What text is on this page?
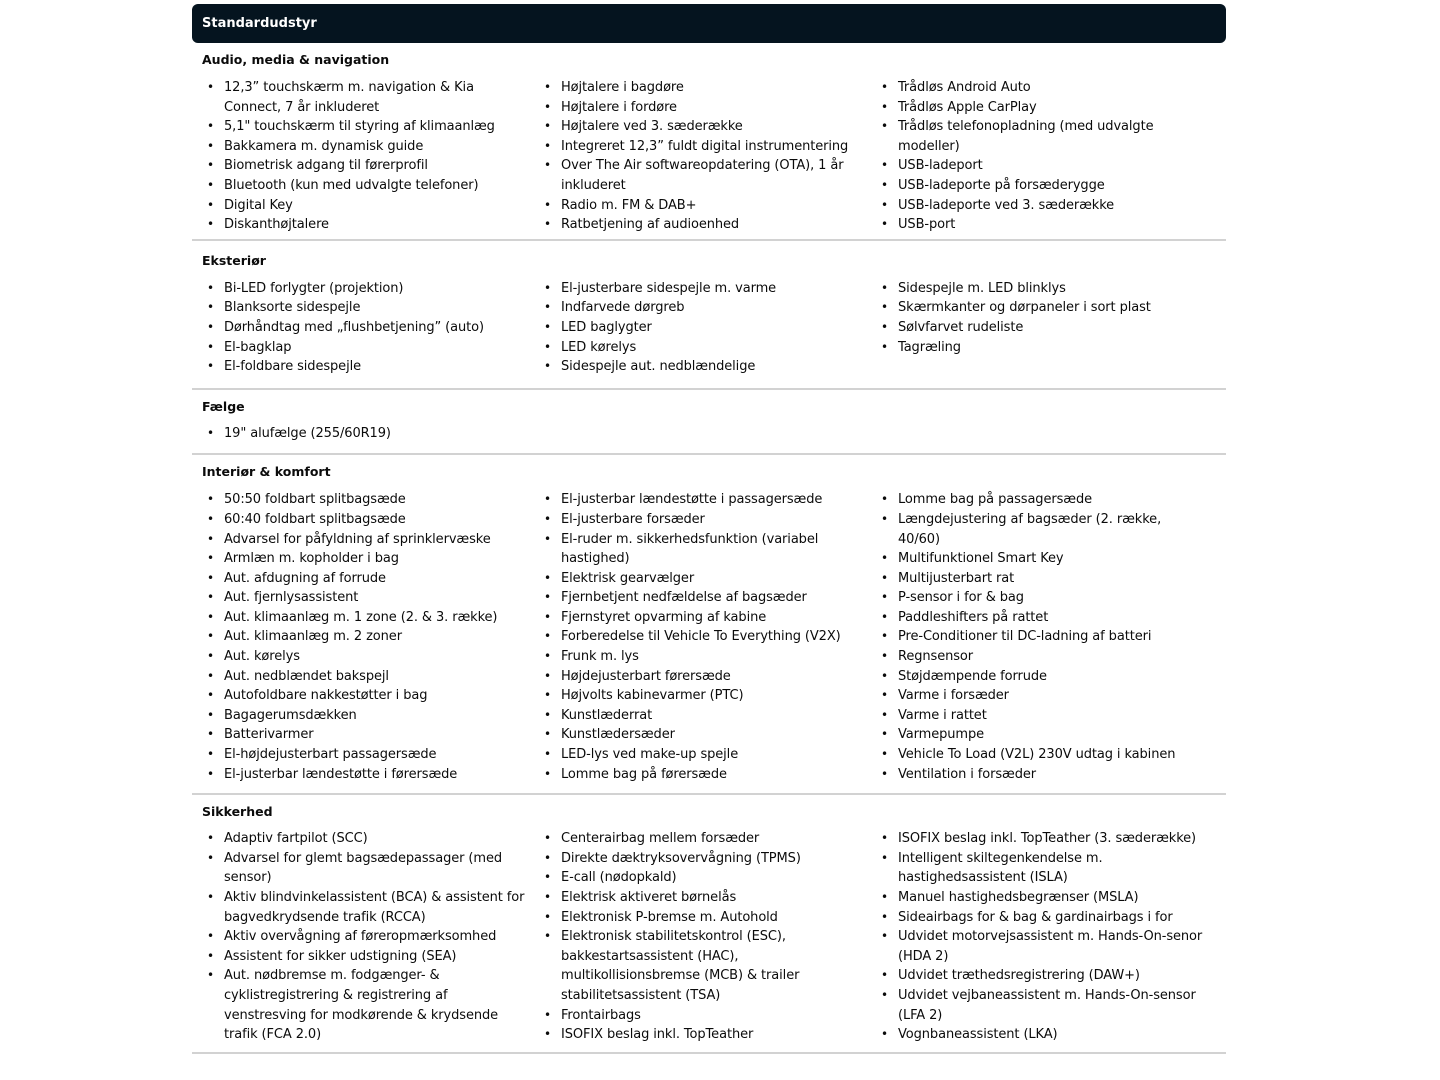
Standardudstyr
Audio, media & navigation
• 12,3” touchskærm m. navigation & Kia Connect, 7 år inkluderet
• 5,1" touchskærm til styring af klimaanlæg
• Bakkamera m. dynamisk guide
• Biometrisk adgang til førerprofil
• Bluetooth (kun med udvalgte telefoner)
• Digital Key
• Diskanthøjtalere
• Højtalere i bagdøre
• Højtalere i fordøre
• Højtalere ved 3. sæderække
• Integreret 12,3” fuldt digital instrumentering
• Over The Air softwareopdatering (OTA), 1 år inkluderet
• Radio m. FM & DAB+
• Ratbetjening af audioenhed
• Trådløs Android Auto
• Trådløs Apple CarPlay
• Trådløs telefonopladning (med udvalgte modeller)
• USB-ladeport
• USB-ladeporte på forsæderygge
• USB-ladeporte ved 3. sæderække
• USB-port
Eksteriør
• Bi-LED forlygter (projektion)
• Blanksorte sidespejle
• Dørhåndtag med „flushbetjening” (auto)
• El-bagklap
• El-foldbare sidespejle
• El-justerbare sidespejle m. varme
• Indfarvede dørgreb
• LED baglygter
• LED kørelys
• Sidespejle aut. nedblændelige
• Sidespejle m. LED blinklys
• Skærmkanter og dørpaneler i sort plast
• Sølvfarvet rudeliste
• Tagræling
Fælge
• 19" alufælge (255/60R19)
Interiør & komfort
• 50:50 foldbart splitbagsæde
• 60:40 foldbart splitbagsæde
• Advarsel for påfyldning af sprinklervæske
• Armlæn m. kopholder i bag
• Aut. afdugning af forrude
• Aut. fjernlysassistent
• Aut. klimaanlæg m. 1 zone (2. & 3. række)
• Aut. klimaanlæg m. 2 zoner
• Aut. kørelys
• Aut. nedblændet bakspejl
• Autofoldbare nakkestøtter i bag
• Bagagerumsdækken
• Batterivarmer
• El-højdejusterbart passagersæde
• El-justerbar lændestøtte i førersæde
• El-justerbar lændestøtte i passagersæde
• El-justerbare forsæder
• El-ruder m. sikkerhedsfunktion (variabel hastighed)
• Elektrisk gearvælger
• Fjernbetjent nedfældelse af bagsæder
• Fjernstyret opvarming af kabine
• Forberedelse til Vehicle To Everything (V2X)
• Frunk m. lys
• Højdejusterbart førersæde
• Højvolts kabinevarmer (PTC)
• Kunstlæderrat
• Kunstlædersæder
• LED-lys ved make-up spejle
• Lomme bag på førersæde
• Lomme bag på passagersæde
• Længdejustering af bagsæder (2. række, 40/60)
• Multifunktionel Smart Key
• Multijusterbart rat
• P-sensor i for & bag
• Paddleshifters på rattet
• Pre-Conditioner til DC-ladning af batteri
• Regnsensor
• Støjdæmpende forrude
• Varme i forsæder
• Varme i rattet
• Varmepumpe
• Vehicle To Load (V2L) 230V udtag i kabinen
• Ventilation i forsæder
Sikkerhed
• Adaptiv fartpilot (SCC)
• Advarsel for glemt bagsædepassager (med sensor)
• Aktiv blindvinkelassistent (BCA) & assistent for bagvedkrydsende trafik (RCCA)
• Aktiv overvågning af føreropmærksomhed
• Assistent for sikker udstigning (SEA)
• Aut. nødbremse m. fodgænger- & cyklistregistrering & registrering af venstresving for modkørende & krydsende trafik (FCA 2.0)
• Centerairbag mellem forsæder
• Direkte dæktryksovervågning (TPMS)
• E-call (nødopkald)
• Elektrisk aktiveret børnelås
• Elektronisk P-bremse m. Autohold
• Elektronisk stabilitetskontrol (ESC), bakkestartsassistent (HAC), multikollisionsbremse (MCB) & trailer stabilitetsassistent (TSA)
• Frontairbags
• ISOFIX beslag inkl. TopTeather
• ISOFIX beslag inkl. TopTeather (3. sæderække)
• Intelligent skiltegenkendelse m. hastighedsassistent (ISLA)
• Manuel hastighedsbegrænser (MSLA)
• Sideairbags for & bag & gardinairbags i for
• Udvidet motorvejsassistent m. Hands-On-senor (HDA 2)
• Udvidet træthedsregistrering (DAW+)
• Udvidet vejbaneassistent m. Hands-On-sensor (LFA 2)
• Vognbaneassistent (LKA)
